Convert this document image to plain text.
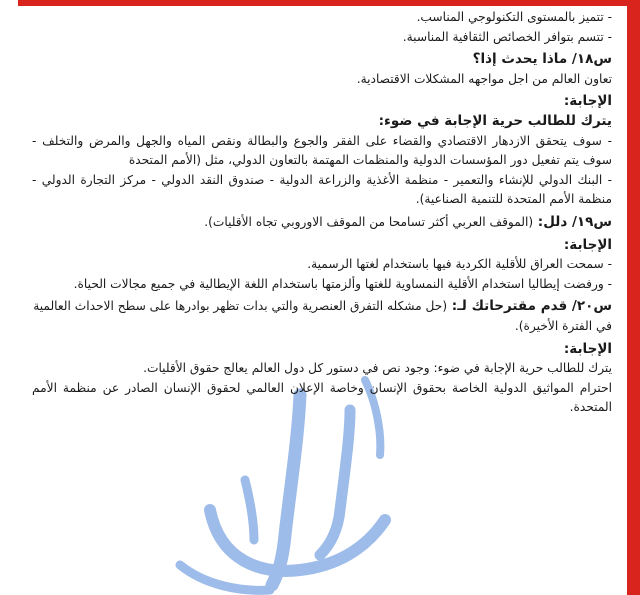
- تتميز بالمستوى التكنولوجي المناسب.

- تتسم بتوافر الخصائص الثقافية المناسبة.

س١٨/ ماذا يحدث إذا؟

تعاون العالم من اجل مواجهه المشكلات الاقتصادية.

الإجابة:

يترك للطالب حرية الإجابة في ضوء:

- سوف يتحقق الازدهار الاقتصادي والقضاء على الفقر والجوع والبطالة ونقص المياه والجهل والمرض والتخلف - سوف يتم تفعيل دور المؤسسات الدولية والمنظمات المهتمة بالتعاون الدولي، مثل (الأمم المتحدة

- البنك الدولي للإنشاء والتعمير - منظمة الأغذية والزراعة الدولية - صندوق النقد الدولي - مركز التجارة الدولي - منظمة الأمم المتحدة للتنمية الصناعية).

س١٩/ دلل: (الموقف العربي أكثر تسامحا من الموقف الاوروبي تجاه الأقليات).

الإجابة:

- سمحت العراق للأقلية الكردية فيها باستخدام لغتها الرسمية.

- ورفضت إيطاليا استخدام الأقلية النمساوية للغتها وألزمتها باستخدام اللغة الإيطالية في جميع مجالات الحياة.

س٢٠/ قدم مقترحاتك لـ: (حل مشكله التفرق العنصرية والتي بدات تظهر بوادرها على سطح الاحداث العالمية في الفترة الأخيرة).

الإجابة:

يترك للطالب حرية الإجابة في ضوء: وجود نص في دستور كل دول العالم يعالج حقوق الأقليات.

احترام المواثيق الدولية الخاصة بحقوق الإنسان وخاصة الإعلان العالمي لحقوق الإنسان الصادر عن منظمة الأمم المتحدة.
